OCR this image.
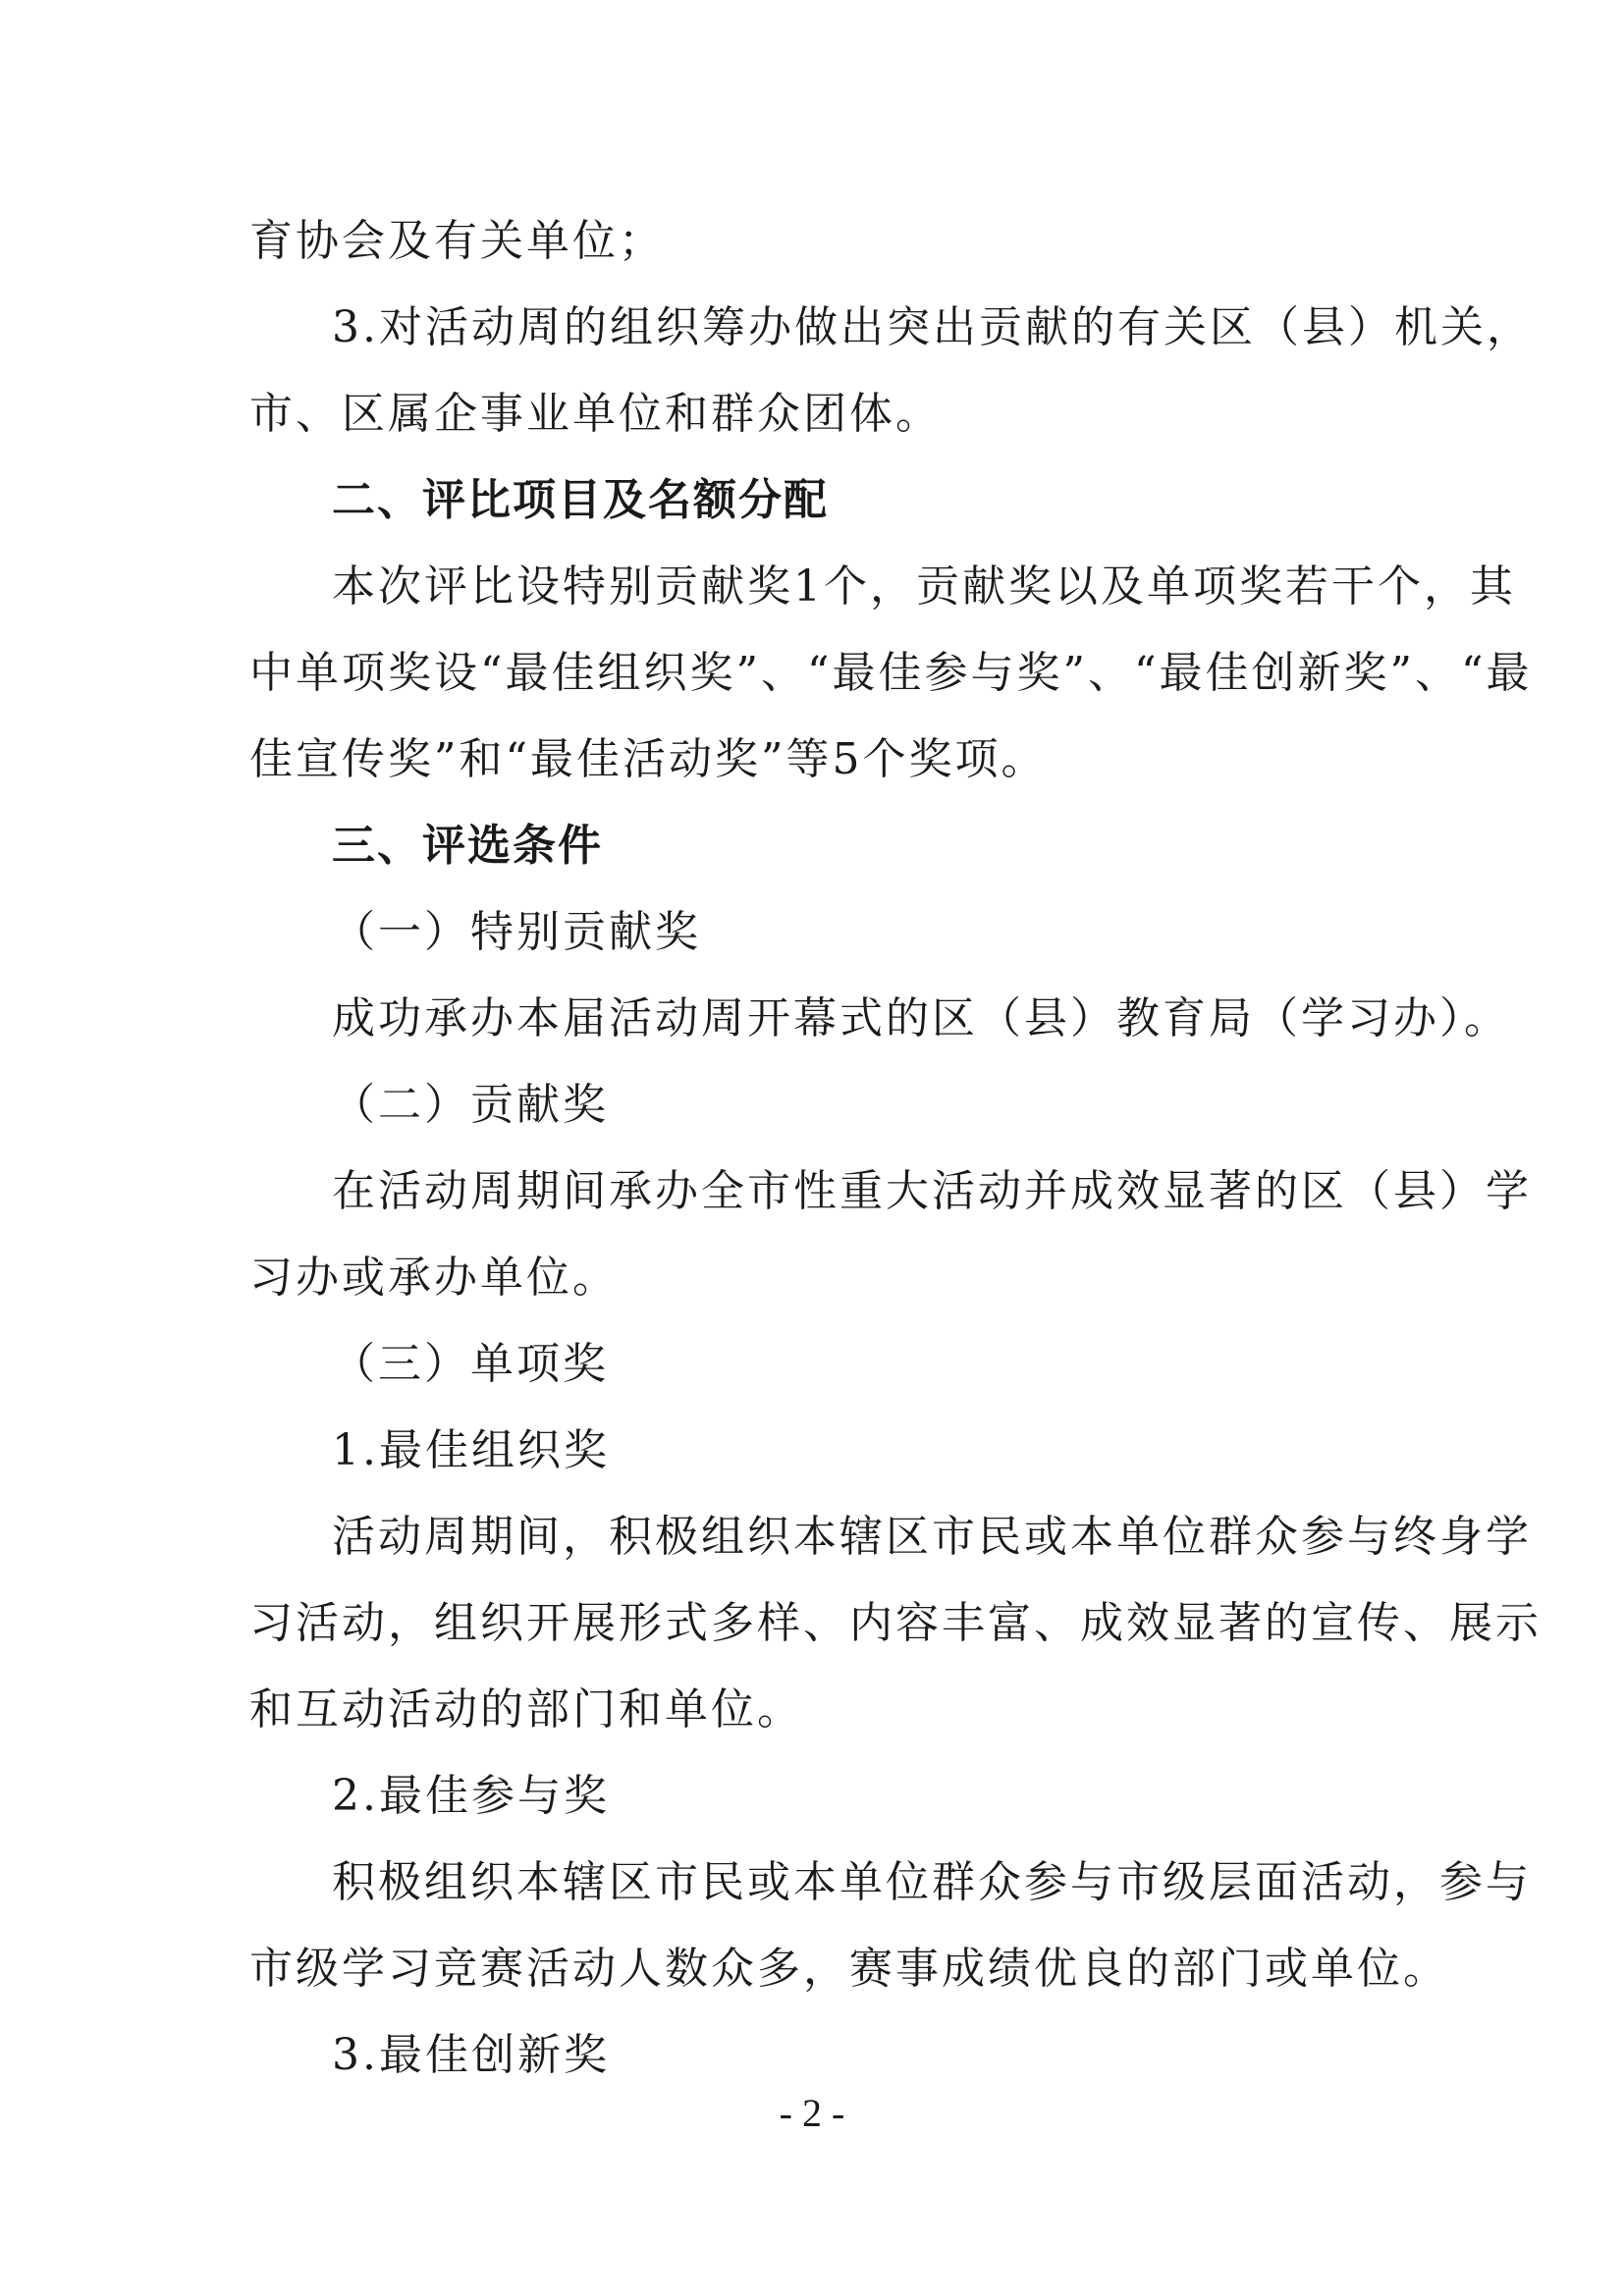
育协会及有关单位；
3.对活动周的组织筹办做出突出贡献的有关区（县）机关，
市、区属企事业单位和群众团体。
二、评比项目及名额分配
本次评比设特别贡献奖1个，贡献奖以及单项奖若干个，其
中单项奖设“最佳组织奖”、“最佳参与奖”、“最佳创新奖”、“最
佳宣传奖”和“最佳活动奖”等5个奖项。
三、评选条件
（一）特别贡献奖
成功承办本届活动周开幕式的区（县）教育局（学习办）。
（二）贡献奖
在活动周期间承办全市性重大活动并成效显著的区（县）学
习办或承办单位。
（三）单项奖
1.最佳组织奖
活动周期间，积极组织本辖区市民或本单位群众参与终身学
习活动，组织开展形式多样、内容丰富、成效显著的宣传、展示
和互动活动的部门和单位。
2.最佳参与奖
积极组织本辖区市民或本单位群众参与市级层面活动，参与
市级学习竞赛活动人数众多，赛事成绩优良的部门或单位。
3.最佳创新奖
- 2 -
